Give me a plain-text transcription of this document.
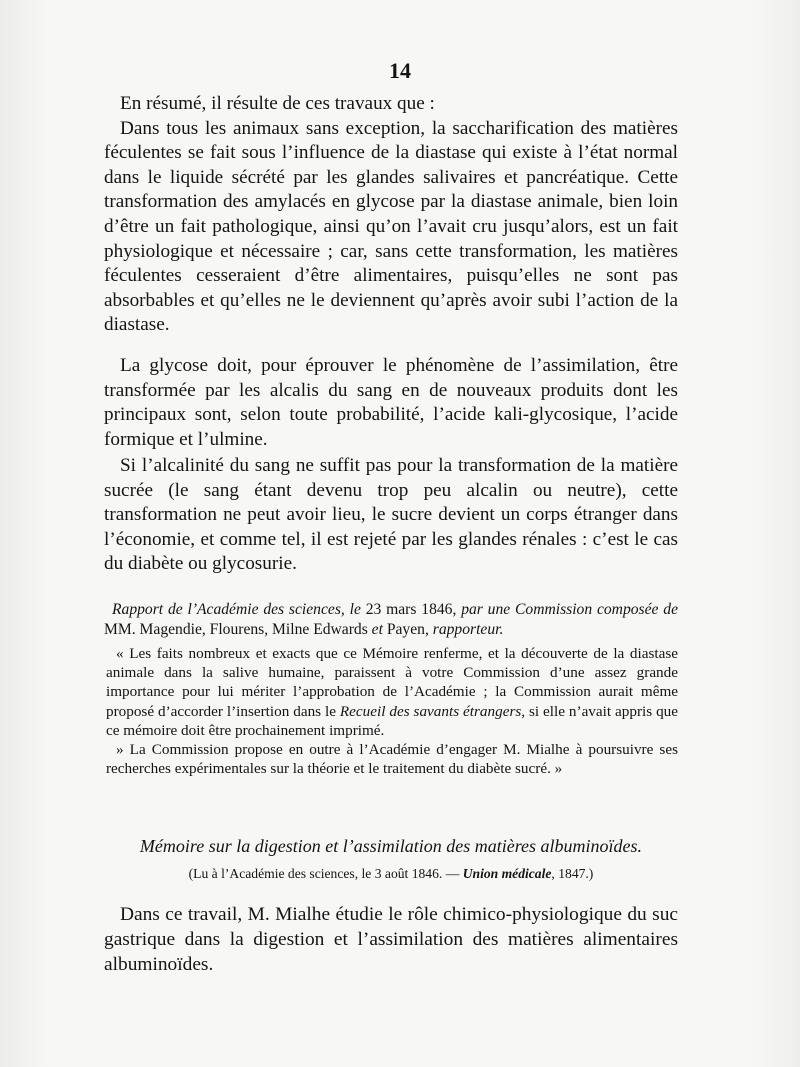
14

En résumé, il résulte de ces travaux que :

Dans tous les animaux sans exception, la saccharification des matières féculentes se fait sous l’influence de la diastase qui existe à l’état normal dans le liquide sécrété par les glandes salivaires et pancréatique. Cette transformation des amylacés en glycose par la diastase animale, bien loin d’être un fait pathologique, ainsi qu’on l’avait cru jusqu’alors, est un fait physiologique et nécessaire ; car, sans cette transformation, les matières féculentes cesseraient d’être alimentaires, puisqu’elles ne sont pas absorbables et qu’elles ne le deviennent qu’après avoir subi l’action de la diastase.

La glycose doit, pour éprouver le phénomène de l’assimilation, être transformée par les alcalis du sang en de nouveaux produits dont les principaux sont, selon toute probabilité, l’acide kali-glycosique, l’acide formique et l’ulmine.

Si l’alcalinité du sang ne suffit pas pour la transformation de la matière sucrée (le sang étant devenu trop peu alcalin ou neutre), cette transformation ne peut avoir lieu, le sucre devient un corps étranger dans l’économie, et comme tel, il est rejeté par les glandes rénales : c’est le cas du diabète ou glycosurie.

Rapport de l’Académie des sciences, le 23 mars 1846, par une Commission composée de MM. Magendie, Flourens, Milne Edwards et Payen, rapporteur.

« Les faits nombreux et exacts que ce Mémoire renferme, et la découverte de la diastase animale dans la salive humaine, paraissent à votre Commission d’une assez grande importance pour lui mériter l’approbation de l’Académie ; la Commission aurait même proposé d’accorder l’insertion dans le Recueil des savants étrangers, si elle n’avait appris que ce mémoire doit être prochainement imprimé.

» La Commission propose en outre à l’Académie d’engager M. Mialhe à poursuivre ses recherches expérimentales sur la théorie et le traitement du diabète sucré. »

Mémoire sur la digestion et l’assimilation des matières albuminoïdes.
(Lu à l’Académie des sciences, le 3 août 1846. — Union médicale, 1847.)

Dans ce travail, M. Mialhe étudie le rôle chimico-physiologique du suc gastrique dans la digestion et l’assimilation des matières alimentaires albuminoïdes.
